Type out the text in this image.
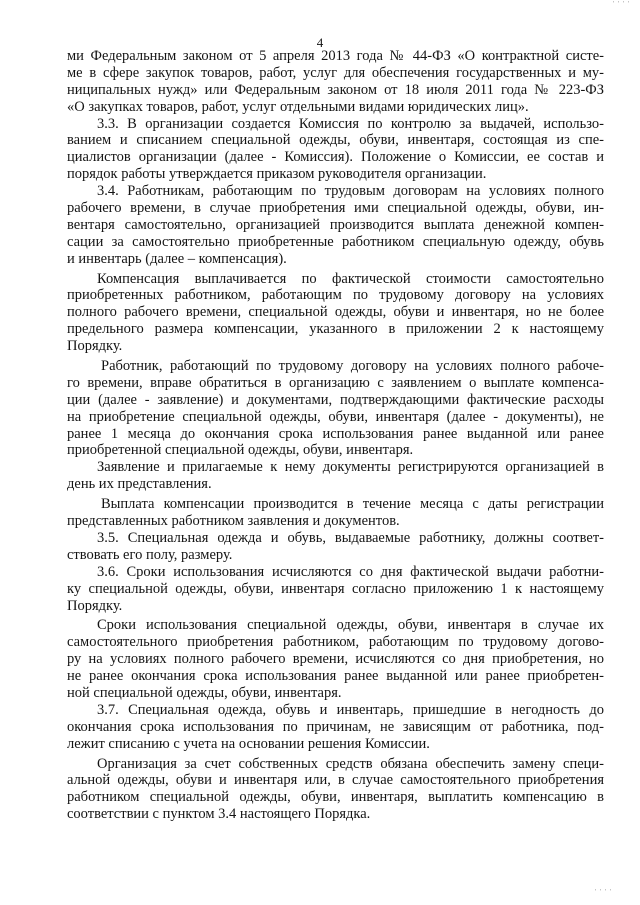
' ' ' '
4
ми Федеральным законом от 5 апреля 2013 года № 44-ФЗ «О контрактной систе-
ме в сфере закупок товаров, работ, услуг для обеспечения государственных и му-
ниципальных нужд» или Федеральным законом от 18 июля 2011 года № 223-ФЗ
«О закупках товаров, работ, услуг отдельными видами юридических лиц».
3.3. В организации создается Комиссия по контролю за выдачей, использо-
ванием и списанием специальной одежды, обуви, инвентаря, состоящая из спе-
циалистов организации (далее - Комиссия). Положение о Комиссии, ее состав и
порядок работы утверждается приказом руководителя организации.
3.4. Работникам, работающим по трудовым договорам на условиях полного
рабочего времени, в случае приобретения ими специальной одежды, обуви, ин-
вентаря самостоятельно, организацией производится выплата денежной компен-
сации за самостоятельно приобретенные работником специальную одежду, обувь
и инвентарь (далее – компенсация).
Компенсация выплачивается по фактической стоимости самостоятельно
приобретенных работником, работающим по трудовому договору на условиях
полного рабочего времени, специальной одежды, обуви и инвентаря, но не более
предельного размера компенсации, указанного в приложении 2 к настоящему
Порядку.
Работник, работающий по трудовому договору на условиях полного рабоче-
го времени, вправе обратиться в организацию с заявлением о выплате компенса-
ции (далее - заявление) и документами, подтверждающими фактические расходы
на приобретение специальной одежды, обуви, инвентаря (далее - документы), не
ранее 1 месяца до окончания срока использования ранее выданной или ранее
приобретенной специальной одежды, обуви, инвентаря.
Заявление и прилагаемые к нему документы регистрируются организацией в
день их представления.
Выплата компенсации производится в течение месяца с даты регистрации
представленных работником заявления и документов.
3.5. Специальная одежда и обувь, выдаваемые работнику, должны соответ-
ствовать его полу, размеру.
3.6. Сроки использования исчисляются со дня фактической выдачи работни-
ку специальной одежды, обуви, инвентаря согласно приложению 1 к настоящему
Порядку.
Сроки использования специальной одежды, обуви, инвентаря в случае их
самостоятельного приобретения работником, работающим по трудовому догово-
ру на условиях полного рабочего времени, исчисляются со дня приобретения, но
не ранее окончания срока использования ранее выданной или ранее приобретен-
ной специальной одежды, обуви, инвентаря.
3.7. Специальная одежда, обувь и инвентарь, пришедшие в негодность до
окончания срока использования по причинам, не зависящим от работника, под-
лежит списанию с учета на основании решения Комиссии.
Организация за счет собственных средств обязана обеспечить замену специ-
альной одежды, обуви и инвентаря или, в случае самостоятельного приобретения
работником специальной одежды, обуви, инвентаря, выплатить компенсацию в
соответствии с пунктом 3.4 настоящего Порядка.
' ' ' '
